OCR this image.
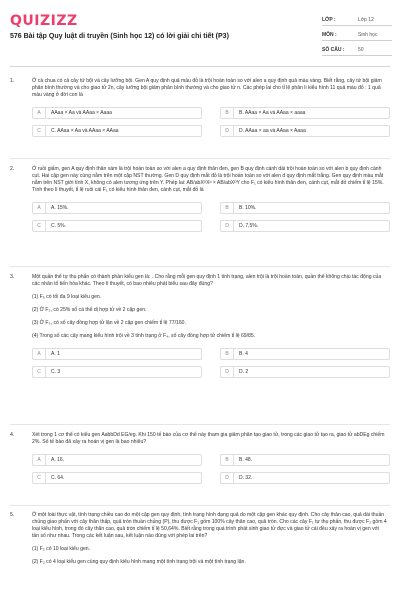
QUIZIZZ
576 Bài tập Quy luật di truyền (Sinh học 12) có lời giải chi tiết (P3)
LỚP :	Lớp 12
MÔN :	Sinh học
SỐ CÂU :	50
1.	Ở cà chua có cả cây tứ bội và cây lưỡng bội. Gen A quy định quả màu đỏ là trội hoàn toàn so với alen a quy định quả màu vàng. Biết rằng, cây tứ bội giảm phân bình thường và cho giao tử 2n, cây lưỡng bội giảm phân bình thường và cho giao tử n. Các phép lai cho tỉ lệ phân li kiểu hình 11 quả màu đỏ : 1 quả màu vàng ở đời con là

A	AAaa × Aa và AAaa × Aaaa	B	B. AAaa × Aa và AAaa × aaaa
C	C. AAaa × Aa và AAaa × AAaa	D	D. AAaa × aa và AAaa × Aaaa
2.	Ở ruồi giấm, gen A quy định thân xám là trội hoàn toàn so với alen a quy định thân đen, gen B quy định cánh dài trội hoàn toàn so với alen b quy định cánh cụt. Hai cặp gen này cùng nằm trên một cặp NST thường. Gen D quy định mắt đỏ là trội hoàn toàn so với alen d quy định mắt trắng. Gen quy định màu mắt nằm trên NST giới tính X, không có alen tương ứng trên Y. Phép lai: AB/abXᴰXᵈ × AB/abXᴰY cho F₁ có kiểu hình thân đen, cánh cụt, mắt đỏ chiếm tỉ lệ 15%. Tính theo lí thuyết, tỉ lệ ruồi cái F₁ có kiểu hình thân đen, cánh cụt, mắt đỏ là

A	A. 15%.	B	B. 10%.
C	C. 5%.	D	D. 7,5%.
3.	Một quần thể tự thụ phấn có thành phần kiểu gen là: . Cho rằng mỗi gen quy định 1 tính trạng, alen trội là trội hoàn toàn, quần thể không chịu tác động của các nhân tố tiến hóa khác. Theo lí thuyết, có bao nhiêu phát biểu sau đây đúng?

(1) F₅ có tối đa 9 loại kiểu gen.

(2) Ở F₂, có 25% số cá thể dị hợp tử về 2 cặp gen.

(3) Ở F₃, có số cây đồng hợp tử lặn về 2 cặp gen chiếm tỉ lệ 77/160.

(4) Trong số các cây mang kiểu hình trội về 3 tính trạng ở F₄, số cây đồng hợp tử chiếm tỉ lệ 69/85.

A	A. 1	B	B. 4
C	C. 3	D	D. 2
4.	Xét trong 1 cơ thể có kiểu gen AabbDd EG/eg. Khi 150 tế bào của cơ thể này tham gia giảm phân tạo giao tử, trong các giao tử tạo ra, giao tử abDEg chiếm 2%. Số tế bào đã xảy ra hoán vị gen là bao nhiêu?

A	A. 16.	B	B. 48.
C	C. 64.	D	D. 32.
5.	Ở một loài thực vật, tính trạng chiều cao do một cặp gen quy định, tính trạng hình dạng quả do một cặp gen khác quy định. Cho cây thân cao, quả dài thuần chủng giao phấn với cây thân thấp, quả tròn thuần chủng (P), thu được F₁ gồm 100% cây thân cao, quả tròn. Cho các cây F₁ tự thụ phấn, thu được F₂ gồm 4 loại kiểu hình, trong đó cây thân cao, quả tròn chiếm tỉ lệ 50,64%. Biết rằng trong quá trình phát sinh giao tử đực và giao tử cái đều xảy ra hoán vị gen với tần số như nhau. Trong các kết luận sau, kết luận nào đúng với phép lai trên?

(1) F₂ có 10 loại kiểu gen.

(2) F₂ có 4 loại kiểu gen cùng quy định kiểu hình mang một tính trạng trội và một tính trạng lặn.
